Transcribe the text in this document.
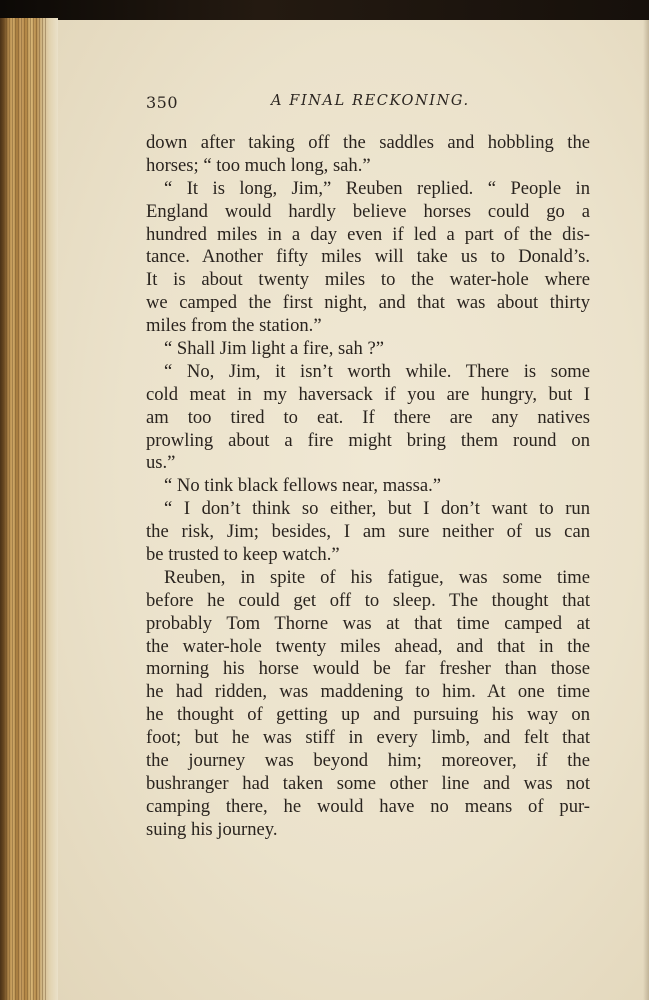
350	A FINAL RECKONING.
down after taking off the saddles and hobbling the
horses; “ too much long, sah.”
“ It is long, Jim,” Reuben replied. “ People in
England would hardly believe horses could go a
hundred miles in a day even if led a part of the dis-
tance. Another fifty miles will take us to Donald’s.
It is about twenty miles to the water-hole where
we camped the first night, and that was about thirty
miles from the station.”
“ Shall Jim light a fire, sah ?”
“ No, Jim, it isn’t worth while. There is some
cold meat in my haversack if you are hungry, but I
am too tired to eat. If there are any natives
prowling about a fire might bring them round on
us.”
“ No tink black fellows near, massa.”
“ I don’t think so either, but I don’t want to run
the risk, Jim; besides, I am sure neither of us can
be trusted to keep watch.”
Reuben, in spite of his fatigue, was some time
before he could get off to sleep. The thought that
probably Tom Thorne was at that time camped at
the water-hole twenty miles ahead, and that in the
morning his horse would be far fresher than those
he had ridden, was maddening to him. At one time
he thought of getting up and pursuing his way on
foot; but he was stiff in every limb, and felt that
the journey was beyond him; moreover, if the
bushranger had taken some other line and was not
camping there, he would have no means of pur-
suing his journey.
